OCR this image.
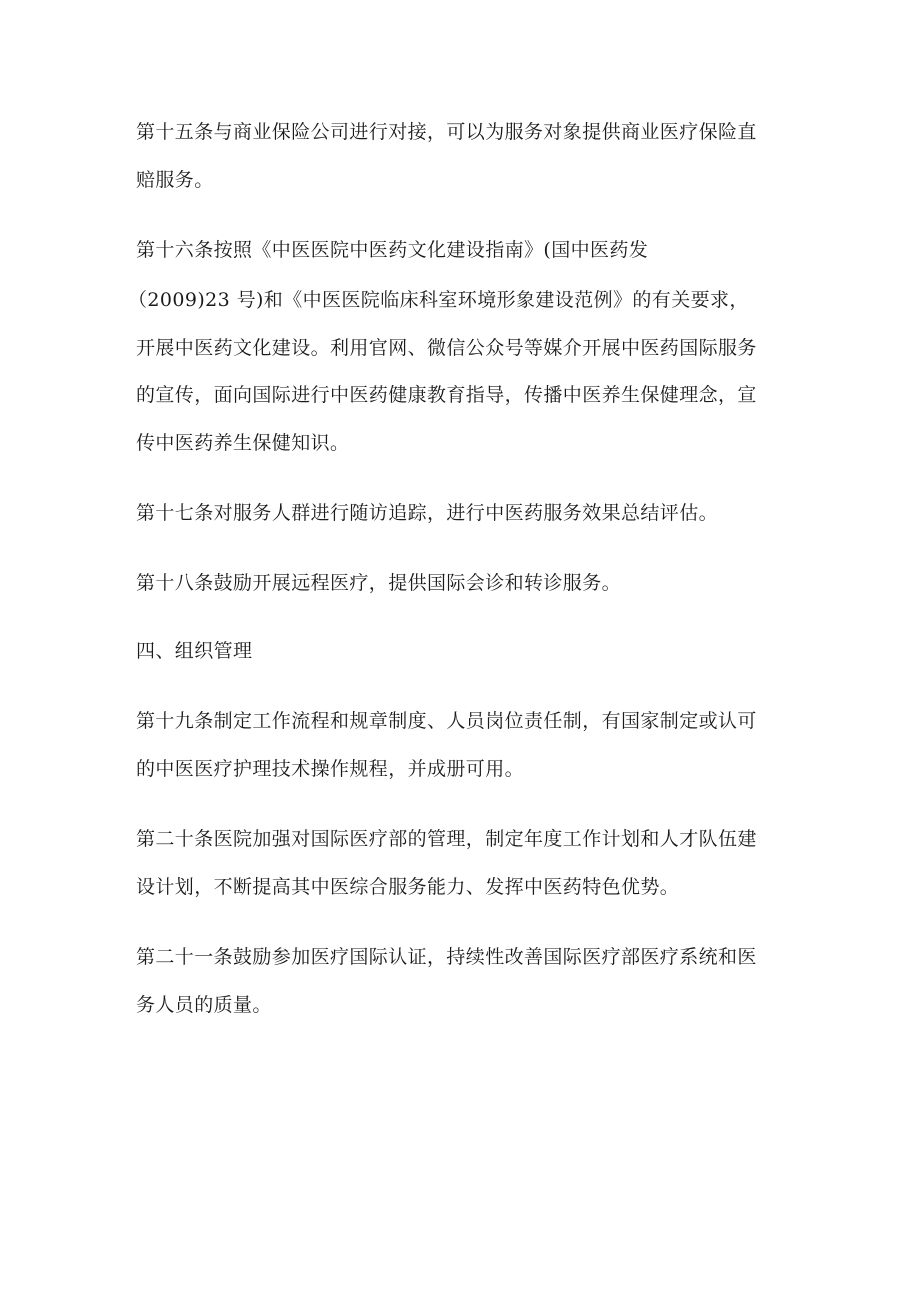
第十五条与商业保险公司进行对接，可以为服务对象提供商业医疗保险直
赔服务。
第十六条按照《中医医院中医药文化建设指南》(国中医药发
（2009)23 号)和《中医医院临床科室环境形象建设范例》的有关要求，
开展中医药文化建设。利用官网、微信公众号等媒介开展中医药国际服务
的宣传，面向国际进行中医药健康教育指导，传播中医养生保健理念，宣
传中医药养生保健知识。
第十七条对服务人群进行随访追踪，进行中医药服务效果总结评估。
第十八条鼓励开展远程医疗，提供国际会诊和转诊服务。
四、组织管理
第十九条制定工作流程和规章制度、人员岗位责任制，有国家制定或认可
的中医医疗护理技术操作规程，并成册可用。
第二十条医院加强对国际医疗部的管理，制定年度工作计划和人才队伍建
设计划，不断提高其中医综合服务能力、发挥中医药特色优势。
第二十一条鼓励参加医疗国际认证，持续性改善国际医疗部医疗系统和医
务人员的质量。
